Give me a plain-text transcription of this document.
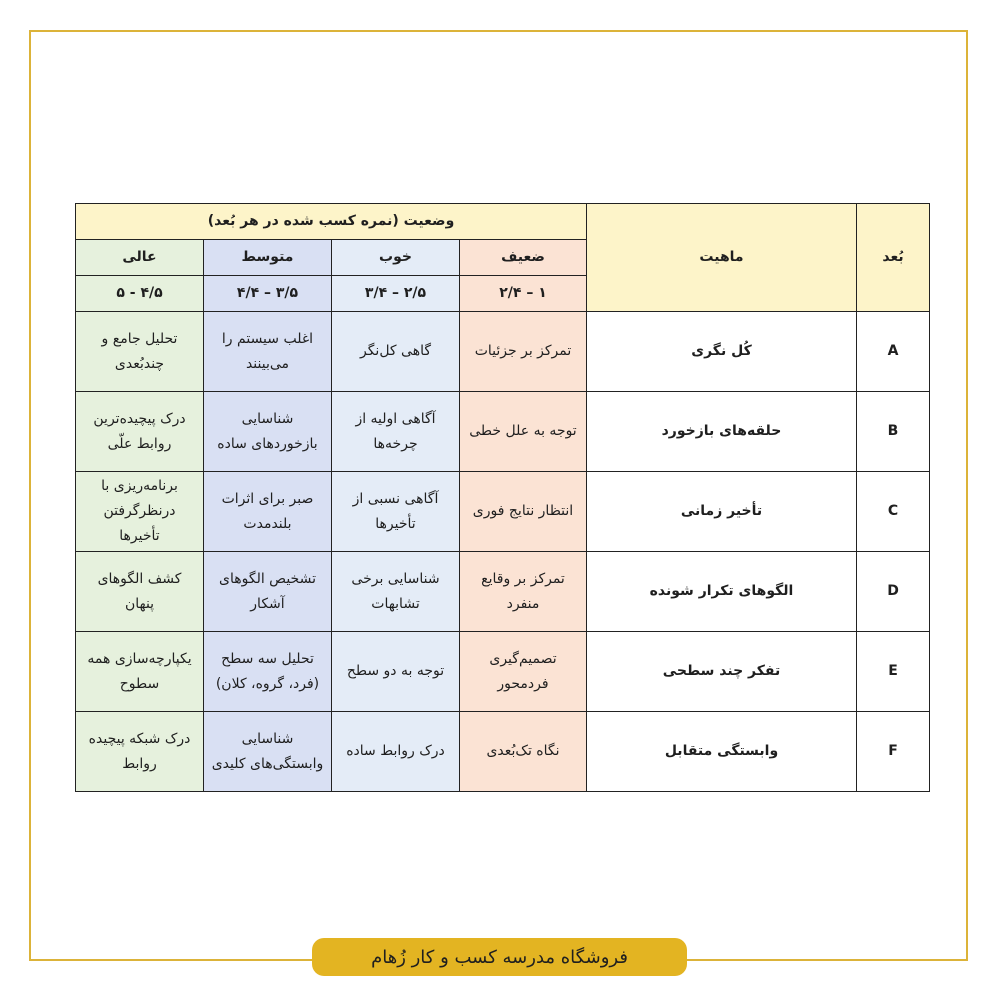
بُعد	ماهیت	وضعیت (نمره کسب شده در هر بُعد)			
		ضعیف	خوب	متوسط	عالی
		۱ – ۲/۴	۲/۵ – ۳/۴	۳/۵ – ۴/۴	۴/۵ - ۵
A	کُل نگری	تمرکز بر جزئیات	گاهی کل‌نگر	اغلب سیستم را می‌بینند	تحلیل جامع و چندبُعدی
B	حلقه‌های بازخورد	توجه به علل خطی	آگاهی اولیه از چرخه‌ها	شناسایی بازخوردهای ساده	درک پیچیده‌ترین روابط علّی
C	تأخیر زمانی	انتظار نتایج فوری	آگاهی نسبی از تأخیرها	صبر برای اثرات بلندمدت	برنامه‌ریزی با درنظرگرفتن تأخیرها
D	الگوهای تکرار شونده	تمرکز بر وقایع منفرد	شناسایی برخی تشابهات	تشخیص الگوهای آشکار	کشف الگوهای پنهان
E	تفکر چند سطحی	تصمیم‌گیری فردمحور	توجه به دو سطح	تحلیل سه سطح (فرد، گروه، کلان)	یکپارچه‌سازی همه سطوح
F	وابستگی متقابل	نگاه تک‌بُعدی	درک روابط ساده	شناسایی وابستگی‌های کلیدی	درک شبکه پیچیده روابط
فروشگاه مدرسه کسب و کار زُهام
